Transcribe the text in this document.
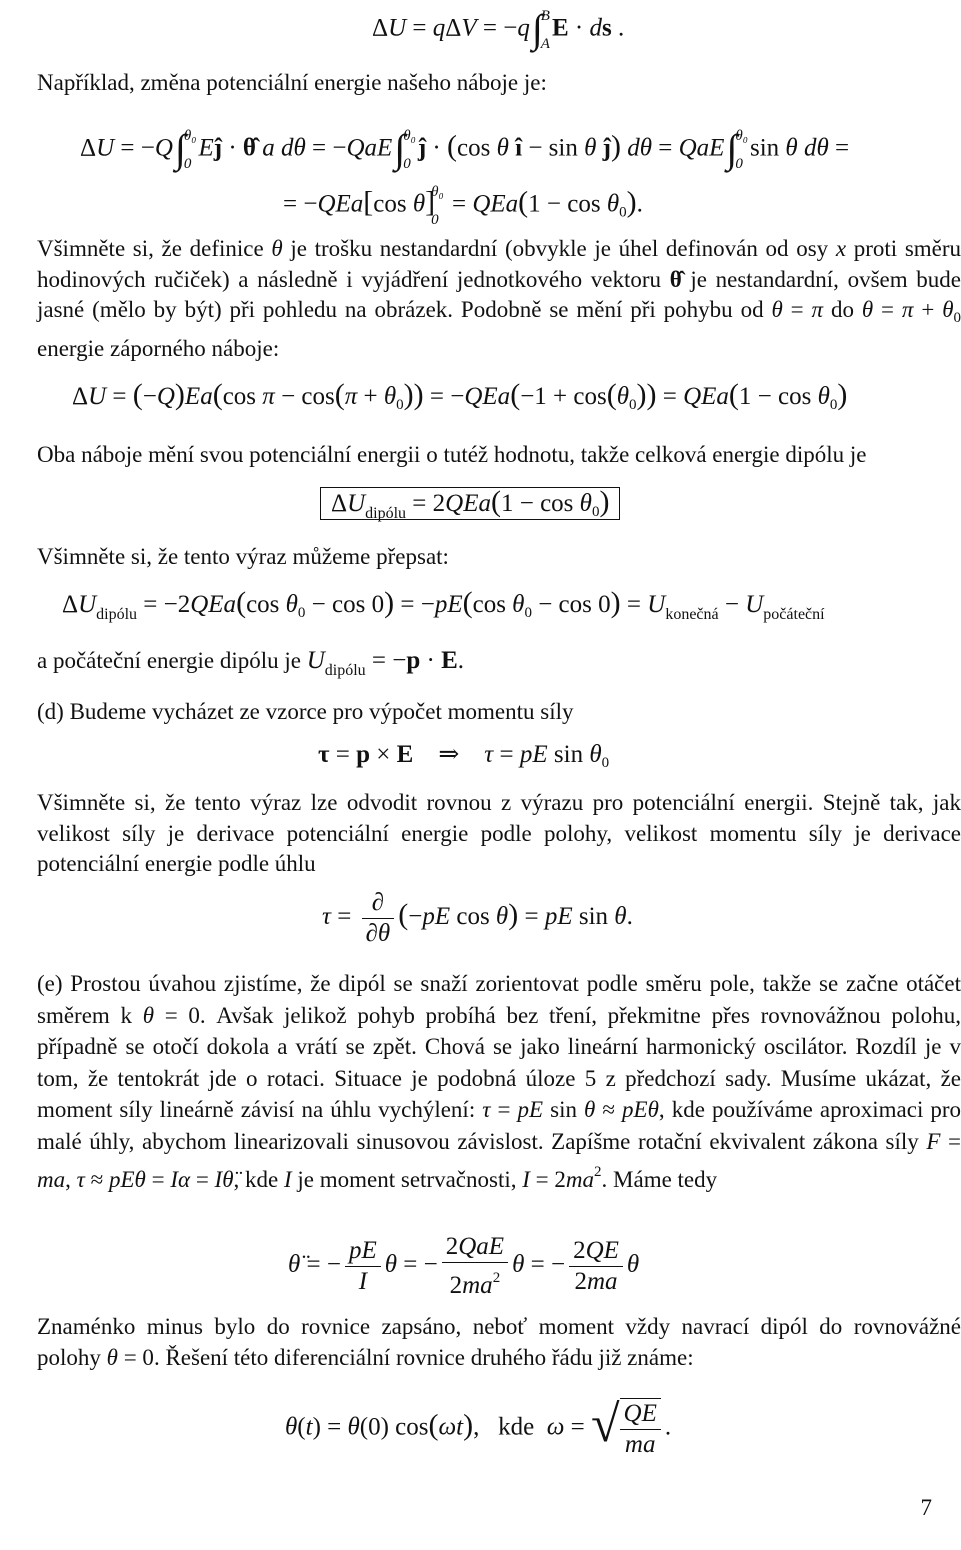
ΔU = qΔV = −q∫
B
A
E · ds .
Například, změna potenciální energie našeho náboje je:
ΔU = −Q∫
θ₀
0
Eĵ · θ̂ a dθ = −QaE∫
θ₀
0
ĵ · (cos θ î − sin θ ĵ) dθ = QaE∫
θ₀
0
sin θ dθ =
= −QEa[cos θ]
θ₀
0
= $QEa(1 - \cos \theta_0)$.
Všimněte si, že definice θ je trošku nestandardní (obvykle je úhel definován od osy x proti směru hodinových ručiček) a následně i vyjádření jednotkového vektoru θ̂ je nestandardní, ovšem bude jasné (mělo by být) při pohledu na obrázek. Podobně se mění při pohybu od θ = π do $\theta = \pi + \theta_0$ energie záporného náboje:
ΔU = (−Q)Ea(cos $\pi - \cos(\pi + \theta_0)) = -QEa(-1 + \cos(\theta_0)) = QEa(1 - \cos \theta_0)$
Oba náboje mění svou potenciální energii o tutéž hodnotu, takže celková energie dipólu je
$\Delta U_{dipólu} = 2QEa(1 - \cos \theta_0)$
Všimněte si, že tento výraz můžeme přepsat:
$\Delta U_{dipólu} = -2QEa(\cos$ $\theta_0 - \cos 0) = -pE(\cos$ $\theta_0 - \cos 0) = U_{konečná} - U_{počáteční}$
a počáteční energie dipólu je $U_{dipólu} = -p \cdot E$.
(d) Budeme vycházet ze vzorce pro výpočet momentu síly
τ = p × E    ⇒    τ = pE $\sin \theta_0$
Všimněte si, že tento výraz lze odvodit rovnou z výrazu pro potenciální energii. Stejně tak, jak velikost síly je derivace potenciální energie podle polohy, velikost momentu síly je derivace potenciální energie podle úhlu
$\tau = \frac{\partial}{\partial\theta} (-pE$ cos θ) = pE sin θ.
(e) Prostou úvahou zjistíme, že dipól se snaží zorientovat podle směru pole, takže se začne otáčet směrem k θ = 0. Avšak jelikož pohyb probíhá bez tření, překmitne přes rovnovážnou polohu, případně se otočí dokola a vrátí se zpět. Chová se jako lineární harmonický oscilátor. Rozdíl je v tom, že tentokrát jde o rotaci. Situace je podobná úloze 5 z předchozí sady. Musíme ukázat, že moment síly lineárně závisí na úhlu vychýlení: τ = pE sin θ ≈ pEθ, kde používáme aproximaci pro malé úhly, abychom linearizovali sinusovou závislost. Zapíšme rotační ekvivalent zákona síly F = ma, τ ≈ pEθ = Iα = Iθ̈, kde I je moment setrvačnosti, $I = 2ma^2$. Máme tedy
θ̈ = − $\frac{pE}{I}$ θ = − $\frac{\text{2QaE}}{2ma^2}$ θ = − $\frac{2QE}{2ma}$ θ
Znaménko minus bylo do rovnice zapsáno, neboť moment vždy navrací dipól do rovnovážné polohy θ = 0. Řešení této diferenciální rovnice druhého řádu již známe:
θ(t) = θ(0) cos(ωt),   kde ω = √ $\frac{QE}{ma}$ .
7
